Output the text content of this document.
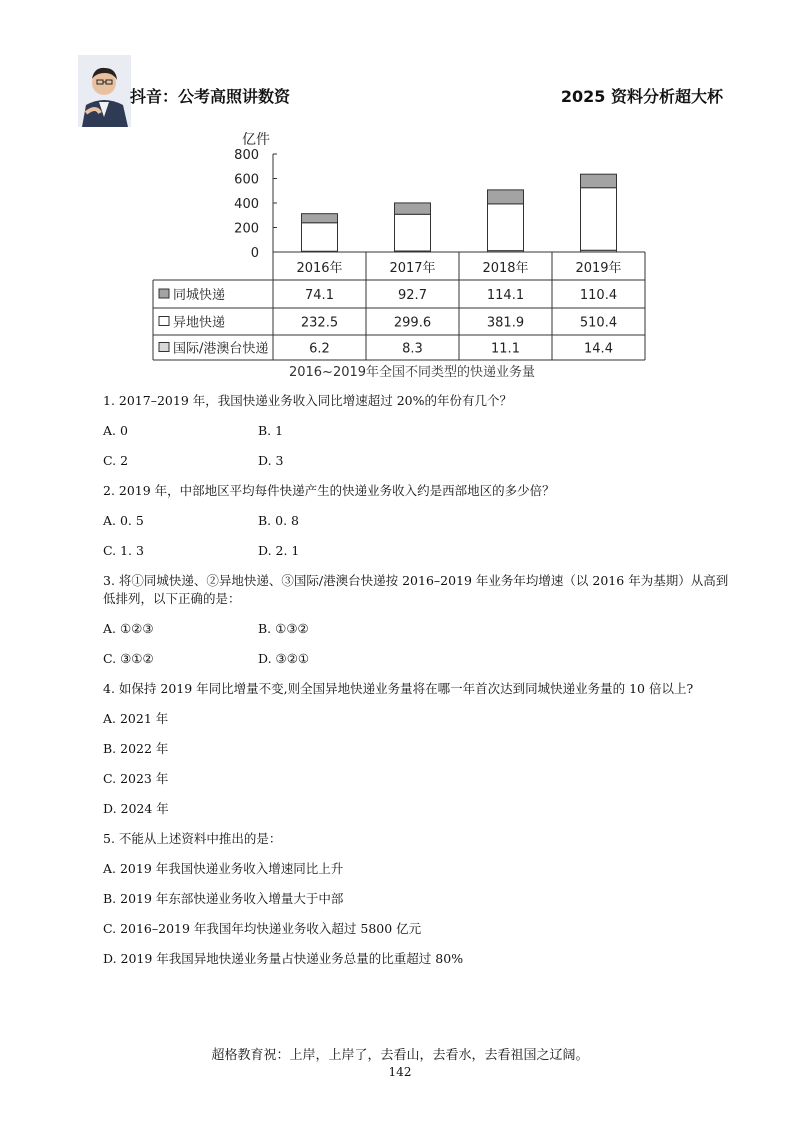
抖音：公考高照讲数资	2025 资料分析超大杯
0
200
400
600
800
亿件
2016年	2017年	2018年	2019年
同城快递	74.1	92.7	114.1	110.4
异地快递	232.5	299.6	381.9	510.4
国际/港澳台快递	6.2	8.3	11.1	14.4
2016~2019年全国不同类型的快递业务量

1. 2017–2019 年，我国快递业务收入同比增速超过 20%的年份有几个？

A. 0	B. 1
C. 2	D. 3

2. 2019 年，中部地区平均每件快递产生的快递业务收入约是西部地区的多少倍？

A. 0. 5	B. 0. 8
C. 1. 3	D. 2. 1

3. 将①同城快递、②异地快递、③国际/港澳台快递按 2016–2019 年业务年均增速（以 2016 年为基期）从高到低排列，以下正确的是：

A. ①②③	B. ①③②
C. ③①②	D. ③②①

4. 如保持 2019 年同比增量不变,则全国异地快递业务量将在哪一年首次达到同城快递业务量的 10 倍以上?

A. 2021 年
B. 2022 年
C. 2023 年
D. 2024 年

5. 不能从上述资料中推出的是：

A. 2019 年我国快递业务收入增速同比上升
B. 2019 年东部快递业务收入增量大于中部
C. 2016–2019 年我国年均快递业务收入超过 5800 亿元
D. 2019 年我国异地快递业务量占快递业务总量的比重超过 80%
超格教育祝：上岸，上岸了，去看山，去看水，去看祖国之辽阔。
142
